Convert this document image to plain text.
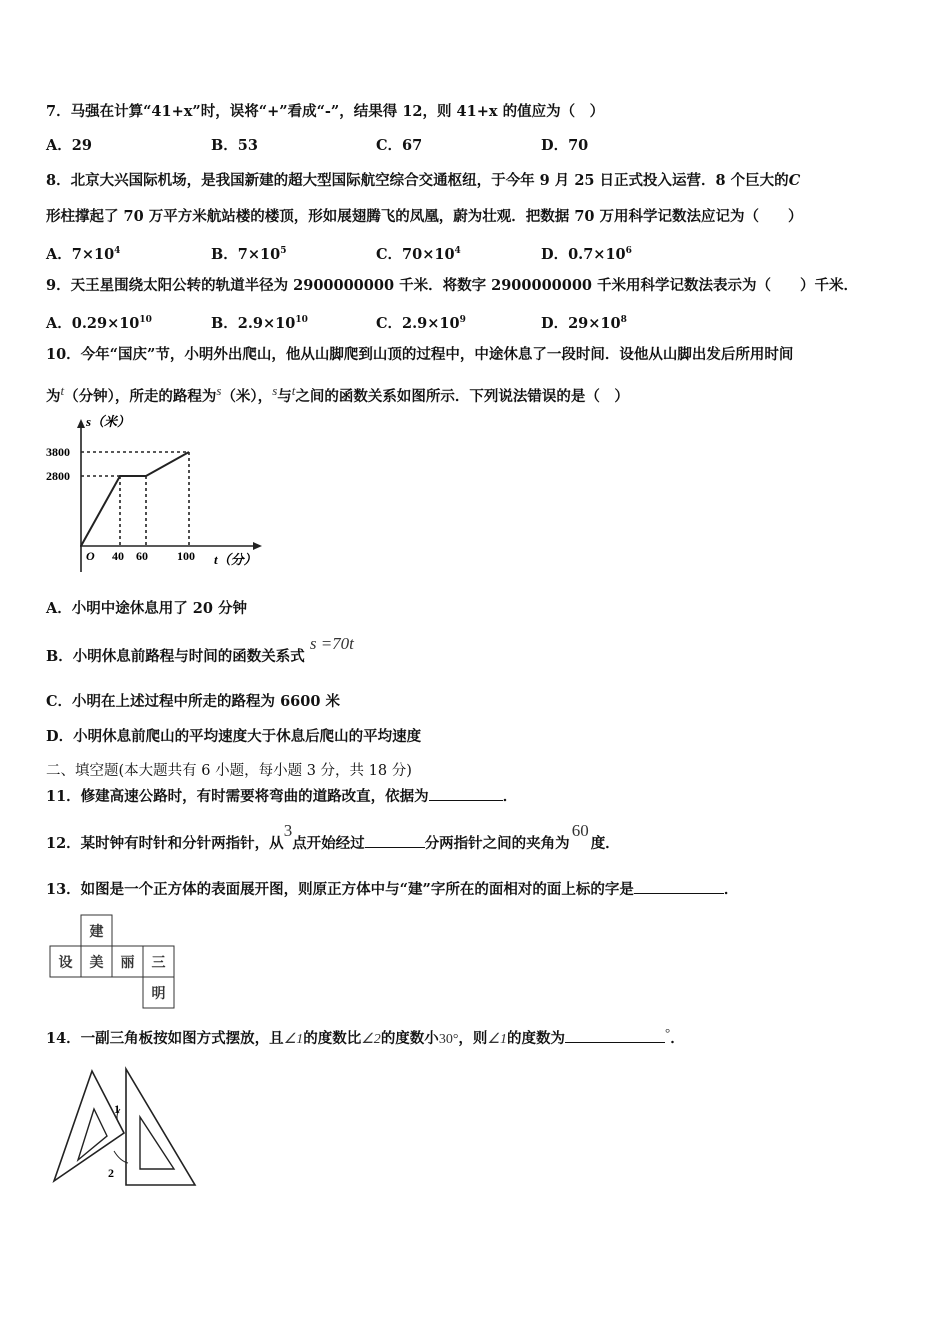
7．马强在计算“41+x”时，误将“+”看成“-”，结果得 12，则 41+x 的值应为（　）
A．29	B．53	C．67	D．70
8．北京大兴国际机场，是我国新建的超大型国际航空综合交通枢纽，于今年 9 月 25 日正式投入运营．8 个巨大的C
形柱撑起了 70 万平方米航站楼的楼顶，形如展翅腾飞的凤凰，蔚为壮观．把数据 70 万用科学记数法应记为（　　）
A．$7\times 10^4$	B．$7\times 10^5$	C．$70\times 10^4$	D．$0.7\times 10^6$
9．天王星围绕太阳公转的轨道半径为 2900000000 千米．将数字 2900000000 千米用科学记数法表示为（　　）千米．
A．$0.29\times 10^{10}$	B．$2.9\times 10^{10}$	C．$2.9\times 10^9$	D．$29\times 10^8$
10．今年“国庆”节，小明外出爬山，他从山脚爬到山顶的过程中，中途休息了一段时间．设他从山脚出发后所用时间
为$^t$（分钟），所走的路程为$^s$（米），$^s$与$^t$之间的函数关系如图所示．下列说法错误的是（　）
s（米）
t（分）
3800
2800
O 40 60 100
A．小明中途休息用了 20 分钟
B．小明休息前路程与时间的函数关系式 s =70t
C．小明在上述过程中所走的路程为 6600 米
D．小明休息前爬山的平均速度大于休息后爬山的平均速度
二、填空题(本大题共有 6 小题，每小题 3 分，共 18 分)
11．修建高速公路时，有时需要将弯曲的道路改直，依据为	．
12．某时钟有时针和分针两指针，从3点开始经过	分两指针之间的夹角为60度．
13．如图是一个正方体的表面展开图，则原正方体中与“建”字所在的面相对的面上标的字是	．
建
设 美 丽 三
明
14．一副三角板按如图方式摆放，且∠1的度数比∠2的度数小30°，则∠1的度数为	°．
1
2
